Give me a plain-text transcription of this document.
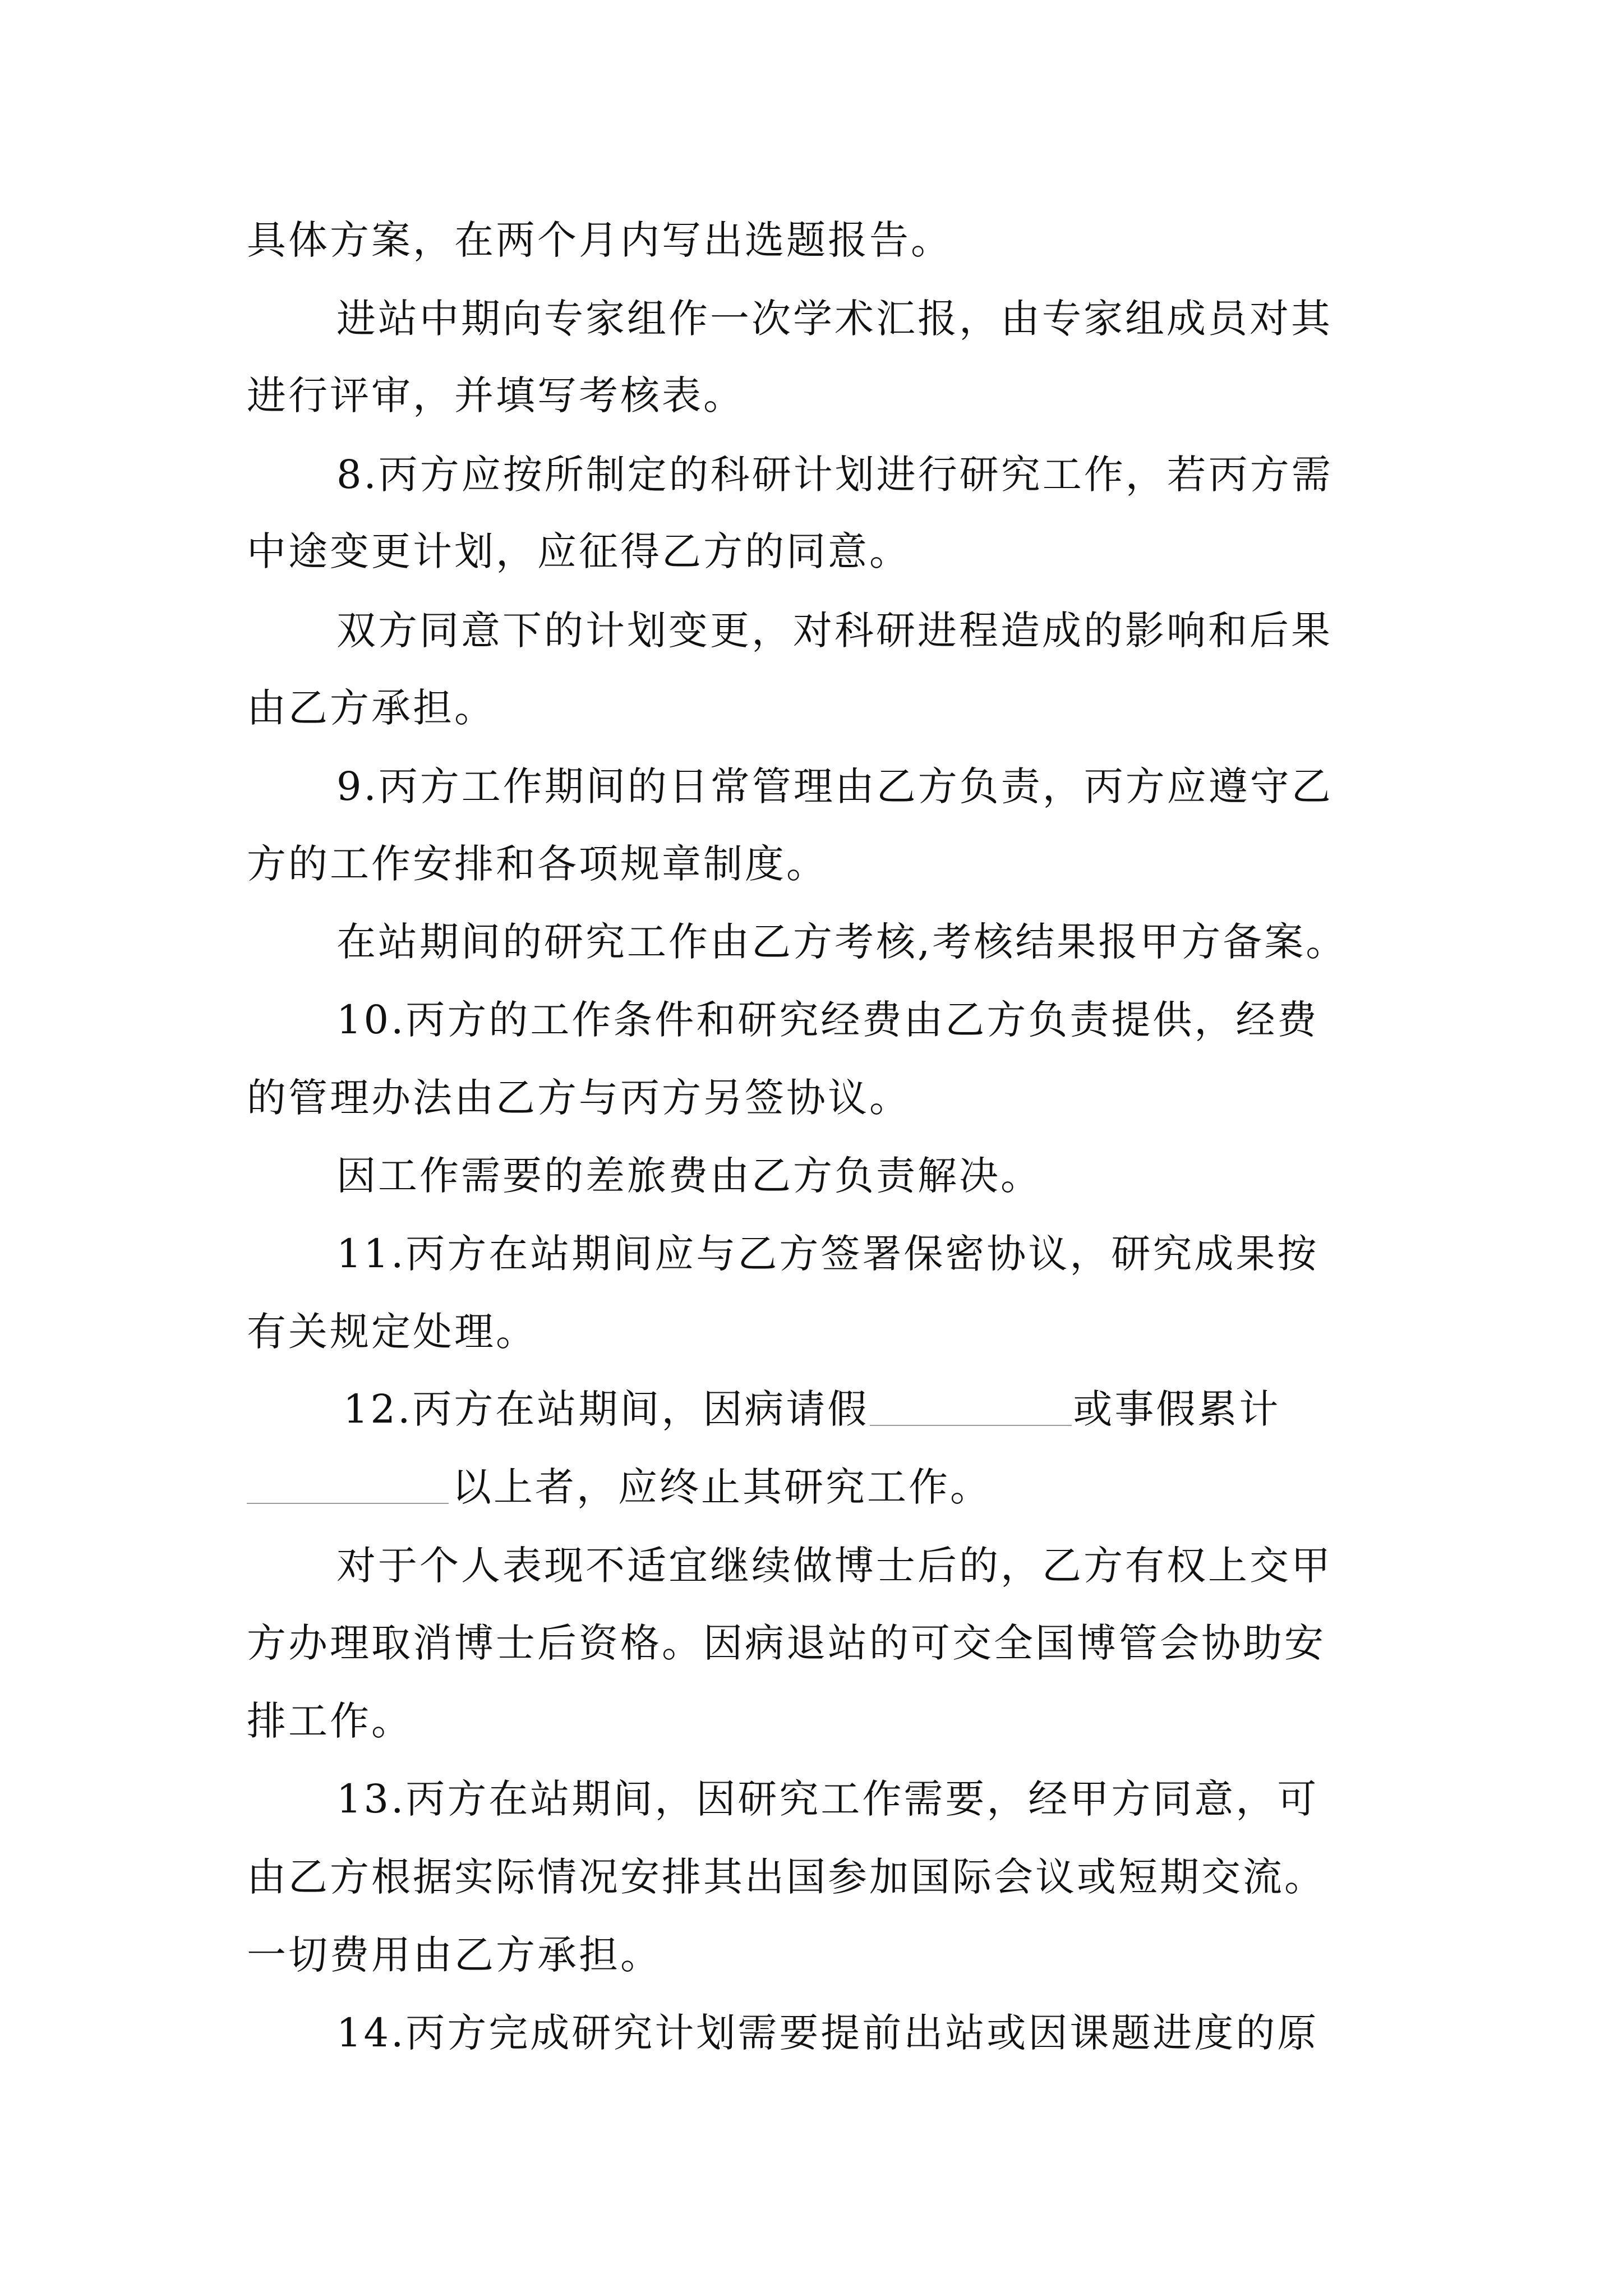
具体方案，在两个月内写出选题报告。
进站中期向专家组作一次学术汇报，由专家组成员对其
进行评审，并填写考核表。
8.丙方应按所制定的科研计划进行研究工作，若丙方需
中途变更计划，应征得乙方的同意。
双方同意下的计划变更，对科研进程造成的影响和后果
由乙方承担。
9.丙方工作期间的日常管理由乙方负责，丙方应遵守乙
方的工作安排和各项规章制度。
在站期间的研究工作由乙方考核,考核结果报甲方备案。
10.丙方的工作条件和研究经费由乙方负责提供，经费
的管理办法由乙方与丙方另签协议。
因工作需要的差旅费由乙方负责解决。
11.丙方在站期间应与乙方签署保密协议，研究成果按
有关规定处理。
12.丙方在站期间，因病请假	或事假累计
以上者，应终止其研究工作。
对于个人表现不适宜继续做博士后的，乙方有权上交甲
方办理取消博士后资格。因病退站的可交全国博管会协助安
排工作。
13.丙方在站期间，因研究工作需要，经甲方同意，可
由乙方根据实际情况安排其出国参加国际会议或短期交流。
一切费用由乙方承担。
14.丙方完成研究计划需要提前出站或因课题进度的原
